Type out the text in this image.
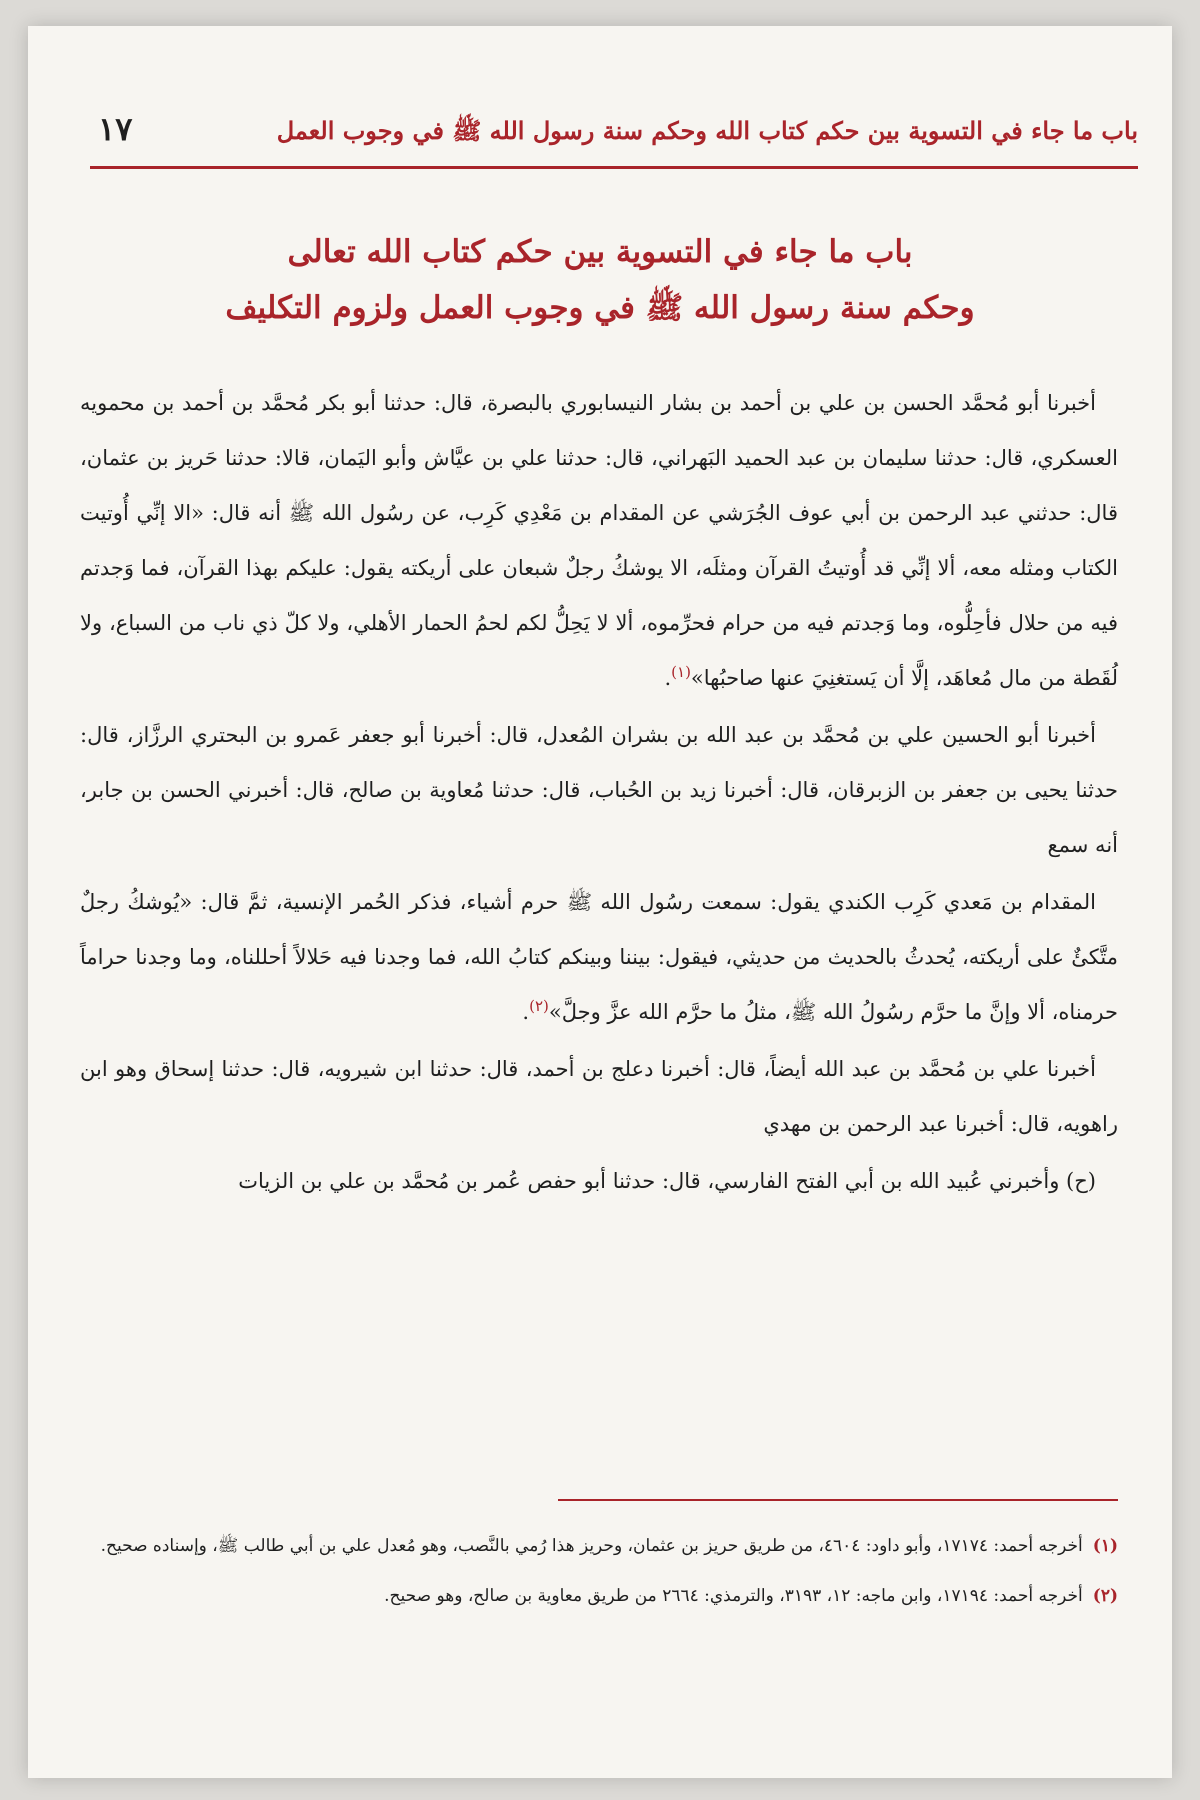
باب ما جاء في التسوية بين حكم كتاب الله وحكم سنة رسول الله ﷺ في وجوب العمل
١٧
باب ما جاء في التسوية بين حكم كتاب الله تعالى
وحكم سنة رسول الله ﷺ في وجوب العمل ولزوم التكليف

أخبرنا أبو مُحمَّد الحسن بن علي بن أحمد بن بشار النيسابوري بالبصرة، قال: حدثنا أبو بكر مُحمَّد بن أحمد بن محمويه العسكري، قال: حدثنا سليمان بن عبد الحميد البَهراني، قال: حدثنا علي بن عيَّاش وأبو اليَمان، قالا: حدثنا حَريز بن عثمان، قال: حدثني عبد الرحمن بن أبي عوف الجُرَشي عن المقدام بن مَعْدِي كَرِب، عن رسُول الله ﷺ أنه قال: «الا إنِّي أُوتيت الكتاب ومثله معه، ألا إنِّي قد أُوتيتُ القرآن ومثلَه، الا يوشكُ رجلٌ شبعان على أريكته يقول: عليكم بهذا القرآن، فما وَجدتم فيه من حلال فأحِلُّوه، وما وَجدتم فيه من حرام فحرِّموه، ألا لا يَحِلُّ لكم لحمُ الحمار الأهلي، ولا كلّ ذي ناب من السباع، ولا لُقَطة من مال مُعاهَد، إلَّا أن يَستغنِيَ عنها صاحبُها»$^{(١)}$.

أخبرنا أبو الحسين علي بن مُحمَّد بن عبد الله بن بشران المُعدل، قال: أخبرنا أبو جعفر عَمرو بن البحتري الرزَّاز، قال: حدثنا يحيى بن جعفر بن الزبرقان، قال: أخبرنا زيد بن الحُباب، قال: حدثنا مُعاوية بن صالح، قال: أخبرني الحسن بن جابر، أنه سمع

المقدام بن مَعدي كَرِب الكندي يقول: سمعت رسُول الله ﷺ حرم أشياء، فذكر الحُمر الإنسية، ثمَّ قال: «يُوشكُ رجلٌ متَّكئٌ على أريكته، يُحدثُ بالحديث من حديثي، فيقول: بيننا وبينكم كتابُ الله، فما وجدنا فيه حَلالاً أحللناه، وما وجدنا حراماً حرمناه، ألا وإنَّ ما حرَّم رسُولُ الله ﷺ، مثلُ ما حرَّم الله عزَّ وجلَّ»$^{(٢)}$.

أخبرنا علي بن مُحمَّد بن عبد الله أيضاً، قال: أخبرنا دعلج بن أحمد، قال: حدثنا ابن شيرويه، قال: حدثنا إسحاق وهو ابن راهويه، قال: أخبرنا عبد الرحمن بن مهدي

(ح) وأخبرني عُبيد الله بن أبي الفتح الفارسي، قال: حدثنا أبو حفص عُمر بن مُحمَّد بن علي بن الزيات

(١)
أخرجه أحمد: ١٧١٧٤، وأبو داود: ٤٦٠٤، من طريق حريز بن عثمان، وحريز هذا رُمي بالنَّصب، وهو مُعدل علي بن أبي طالب ﷺ، وإسناده صحيح.
(٢)
أخرجه أحمد: ١٧١٩٤، وابن ماجه: ١٢، ٣١٩٣، والترمذي: ٢٦٦٤ من طريق معاوية بن صالح، وهو صحيح.
